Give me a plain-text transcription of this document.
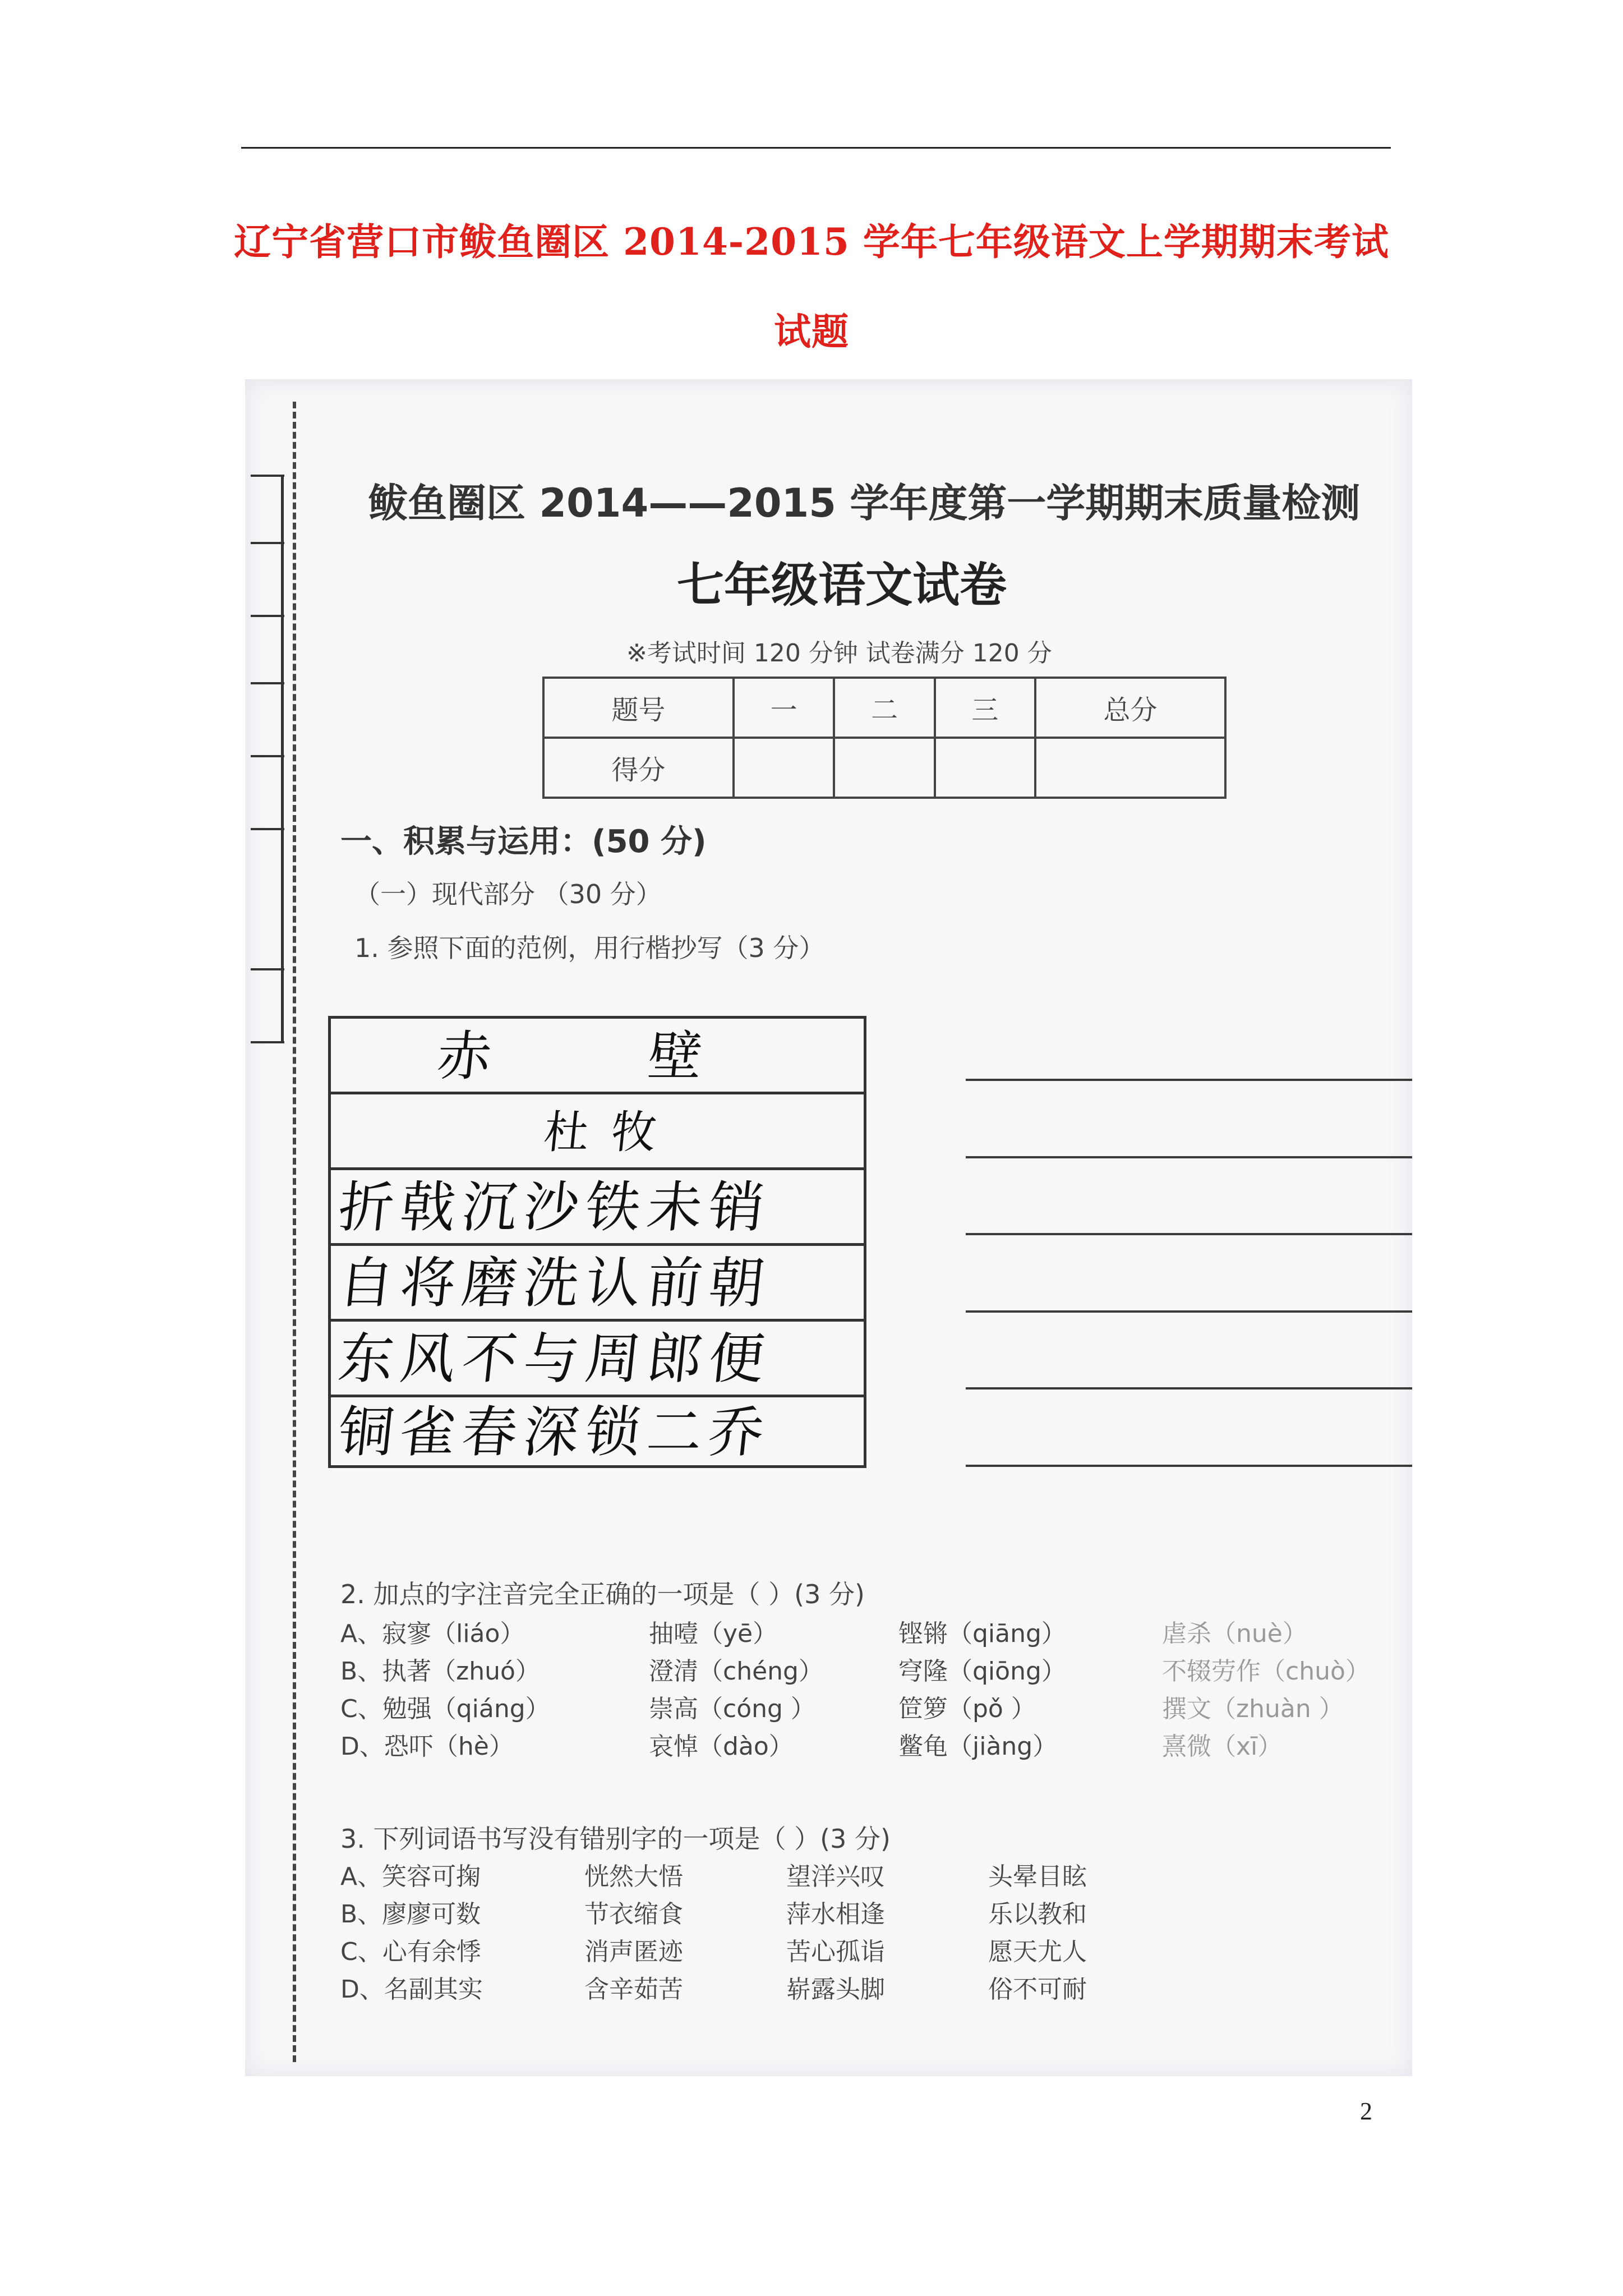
辽宁省营口市鲅鱼圈区 2014-2015 学年七年级语文上学期期末考试
试题
鲅鱼圈区 2014——2015 学年度第一学期期末质量检测
七年级语文试卷
※考试时间 120 分钟 试卷满分 120 分
题号	一	二	三	总分
得分				
一、积累与运用：(50 分)
（一）现代部分 （30 分）
1. 参照下面的范例，用行楷抄写（3 分）
赤壁
杜牧
折戟沉沙铁未销
自将磨洗认前朝
东风不与周郎便
铜雀春深锁二乔
2. 加点的字注音完全正确的一项是（ ）(3 分)
A、寂寥（liáo）	抽噎（yē）	铿锵（qiāng）	虐杀（nuè）
B、执著（zhuó）	澄清（chéng）	穹隆（qiōng）	不辍劳作（chuò）
C、勉强（qiáng）	崇高（cóng ）	笸箩（pǒ ）	撰文（zhuàn ）
D、恐吓（hè）	哀悼（dào）	鳖龟（jiàng）	熹微（xī）
3. 下列词语书写没有错别字的一项是（ ）(3 分)
A、笑容可掬	恍然大悟	望洋兴叹	头晕目眩
B、廖廖可数	节衣缩食	萍水相逢	乐以教和
C、心有余悸	消声匿迹	苦心孤诣	愿天尤人
D、名副其实	含辛茹苦	崭露头脚	俗不可耐
2
